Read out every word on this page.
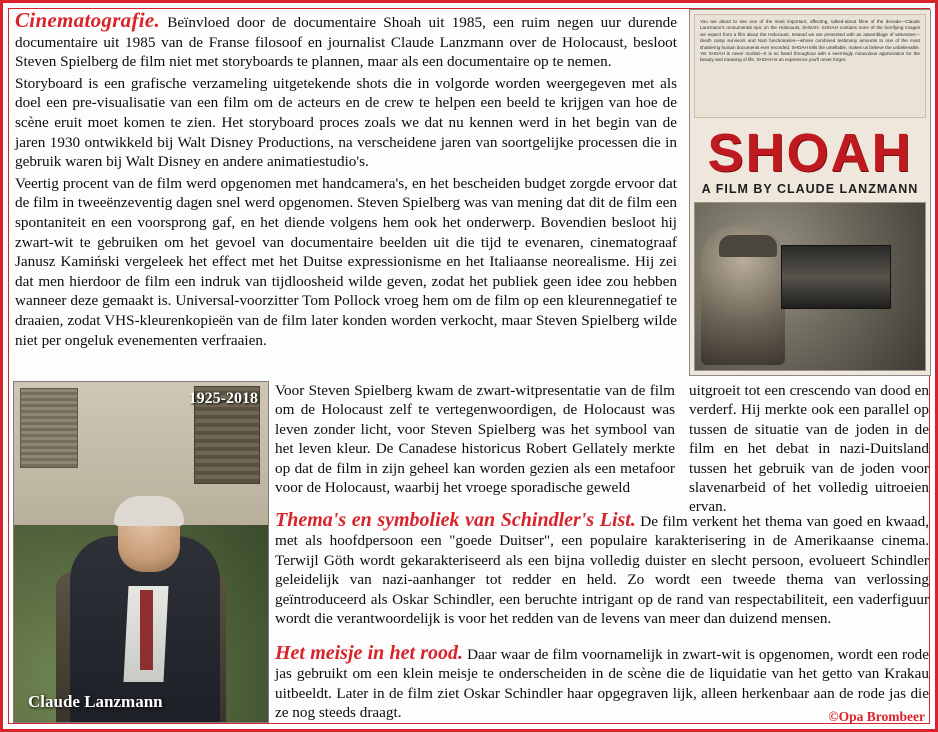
Cinematografie. Beïnvloed door de documentaire Shoah uit 1985, een ruim negen uur durende documentaire uit 1985 van de Franse filosoof en journalist Claude Lanzmann over de Holocaust, besloot Steven Spielberg de film niet met storyboards te plannen, maar als een documentaire op te nemen.
Storyboard is een grafische verzameling uitgetekende shots die in volgorde worden weergegeven met als doel een pre-visualisatie van een film om de acteurs en de crew te helpen een beeld te krijgen van hoe de scène eruit moet komen te zien. Het storyboard proces zoals we dat nu kennen werd in het begin van de jaren 1930 ontwikkeld bij Walt Disney Productions, na verscheidene jaren van soortgelijke processen die in gebruik waren bij Walt Disney en andere animatiestudio's.
Veertig procent van de film werd opgenomen met handcamera's, en het bescheiden budget zorgde ervoor dat de film in tweeënzeventig dagen snel werd opgenomen. Steven Spielberg was van mening dat dit de film een spontaniteit en een voorsprong gaf, en het diende volgens hem ook het onderwerp. Bovendien besloot hij zwart-wit te gebruiken om het gevoel van documentaire beelden uit die tijd te evenaren, cinematograaf Janusz Kamiński vergeleek het effect met het Duitse expressionisme en het Italiaanse neorealisme. Hij zei dat men hierdoor de film een indruk van tijdloosheid wilde geven, zodat het publiek geen idee zou hebben wanneer deze gemaakt is. Universal-voorzitter Tom Pollock vroeg hem om de film op een kleurennegatief te draaien, zodat VHS-kleurenkopieën van de film later konden worden verkocht, maar Steven Spielberg wilde niet per ongeluk evenementen verfraaien.
You are about to see one of the most important, affecting, talked-about films of the decade—Claude Lanzmann's monumental epic on the Holocaust, SHOAH. SHOAH contains none of the horrifying images we expect from a film about the Holocaust. Instead we are presented with an assemblage of witnesses—death camp survivors and Nazi functionaries—whose combined testimony amounts to one of the most shattering human documents ever recorded. SHOAH tells the untellable, makes us believe the unbelievable. Yet SHOAH is never morbid—it is so fused throughout with a seemingly miraculous appreciation for the beauty and meaning of life. SHOAH is an experience you'll never forget.
SHOAH
A FILM BY CLAUDE LANZMANN
1925-2018
Claude Lanzmann
Voor Steven Spielberg kwam de zwart-witpresentatie van de film om de Holocaust zelf te vertegenwoordigen, de Holocaust was leven zonder licht, voor Steven Spielberg was het symbool van het leven kleur. De Canadese historicus Robert Gellately merkte op dat de film in zijn geheel kan worden gezien als een metafoor voor de Holocaust, waarbij het vroege sporadische geweld
uitgroeit tot een crescendo van dood en verderf. Hij merkte ook een parallel op tussen de situatie van de joden in de film en het debat in nazi-Duitsland tussen het gebruik van de joden voor slavenarbeid of het volledig uitroeien ervan.
Thema's en symboliek van Schindler's List. De film verkent het thema van goed en kwaad, met als hoofdpersoon een "goede Duitser", een populaire karakterisering in de Amerikaanse cinema. Terwijl Göth wordt gekarakteriseerd als een bijna volledig duister en slecht persoon, evolueert Schindler geleidelijk van nazi-aanhanger tot redder en held. Zo wordt een tweede thema van verlossing geïntroduceerd als Oskar Schindler, een beruchte intrigant op de rand van respectabiliteit, een vaderfiguur wordt die verantwoordelijk is voor het redden van de levens van meer dan duizend mensen.
Het meisje in het rood. Daar waar de film voornamelijk in zwart-wit is opgenomen, wordt een rode jas gebruikt om een klein meisje te onderscheiden in de scène die de liquidatie van het getto van Krakau uitbeeldt. Later in de film ziet Oskar Schindler haar opgegraven lijk, alleen herkenbaar aan de rode jas die ze nog steeds draagt.	©Opa Brombeer
